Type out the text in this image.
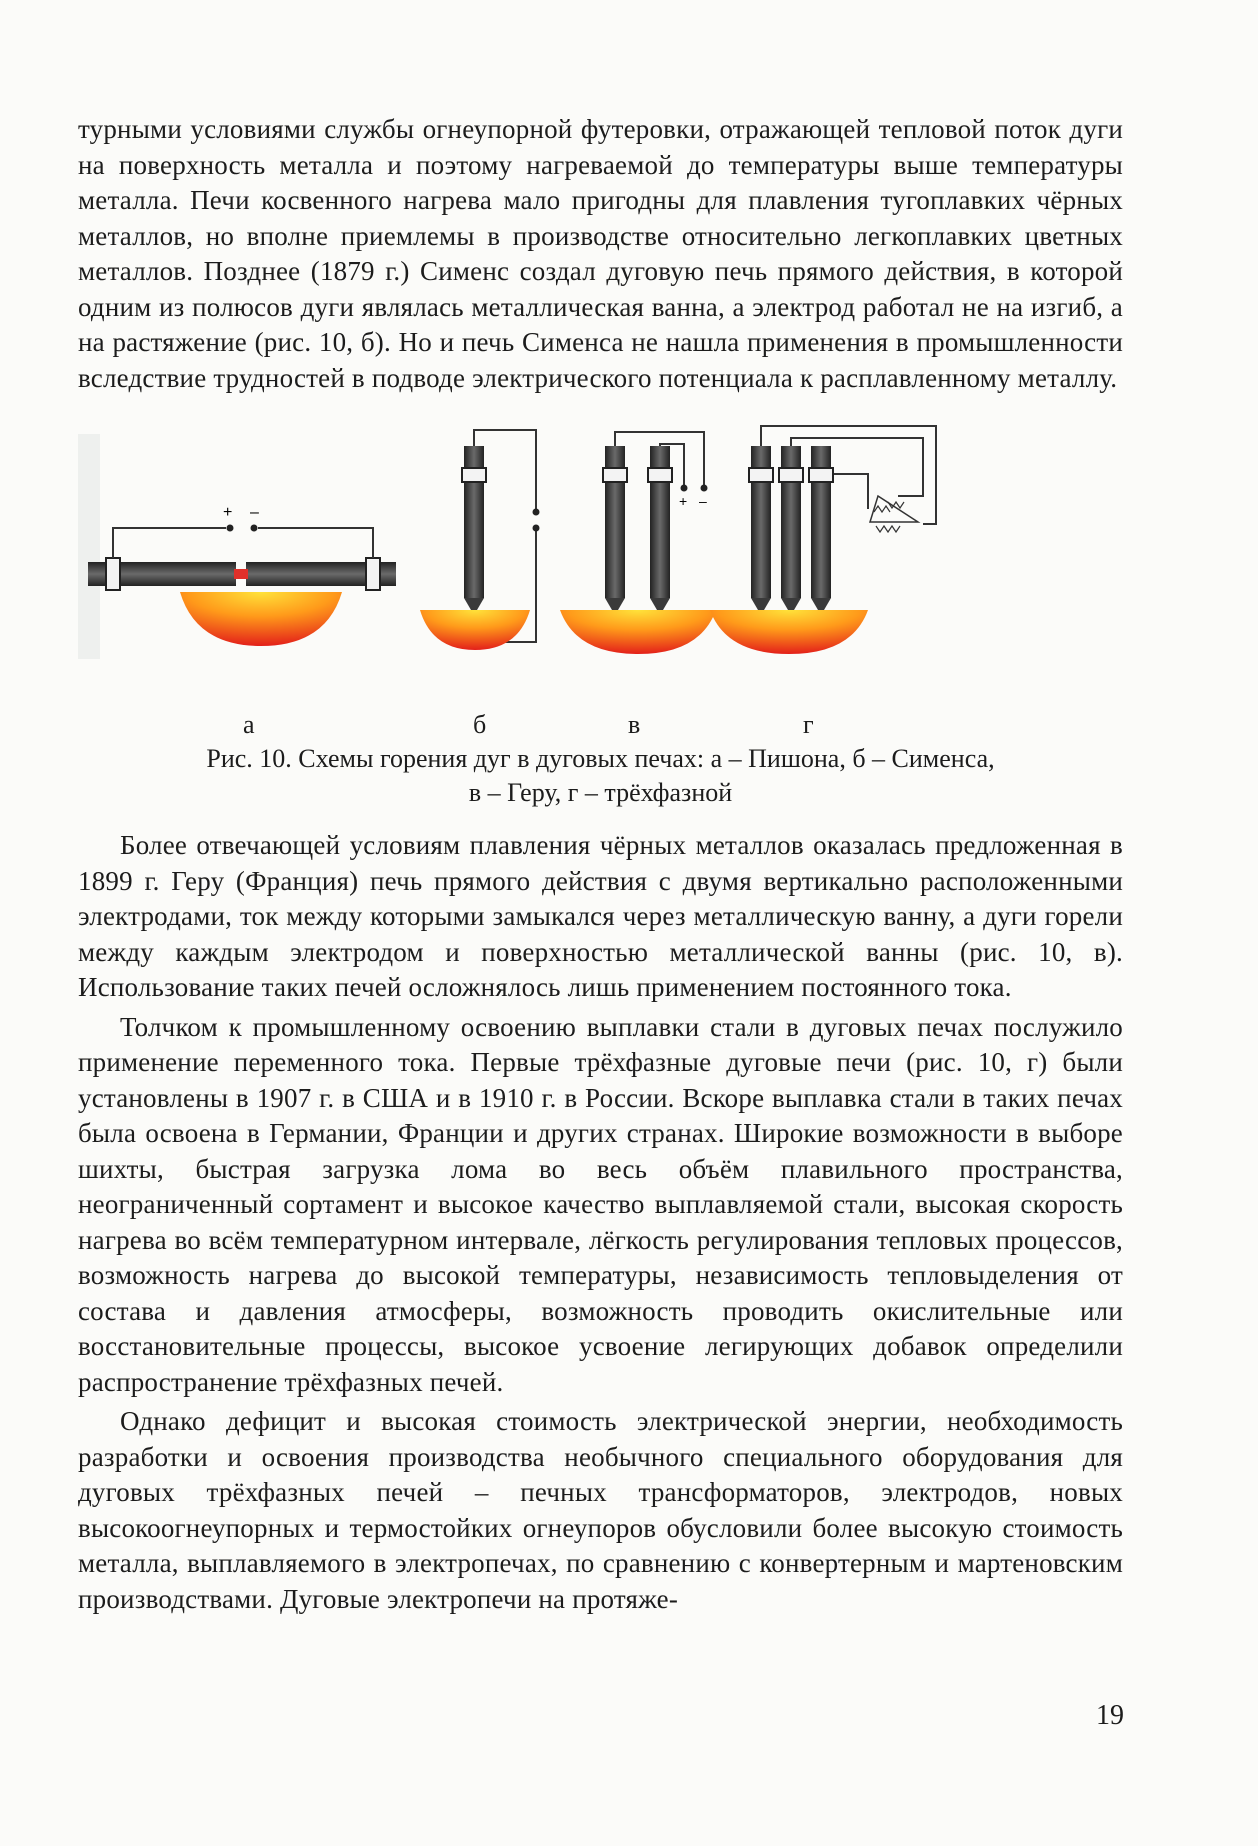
турными условиями службы огнеупорной футеровки, отражающей тепловой поток дуги на поверхность металла и поэтому нагреваемой до температуры выше температуры металла. Печи косвенного нагрева мало пригодны для плавления тугоплавких чёрных металлов, но вполне приемлемы в производстве относительно легкоплавких цветных металлов. Позднее (1879 г.) Сименс создал дуговую печь прямого действия, в которой одним из полюсов дуги являлась металлическая ванна, а электрод работал не на изгиб, а на растяжение (рис. 10, б). Но и печь Сименса не нашла применения в промышленности вследствие трудностей в подводе электрического потенциала к расплавленному металлу.

+ –
+ –
а	б	в	г
Рис. 10. Схемы горения дуг в дуговых печах: а – Пишона, б – Сименса,
в – Геру, г – трёхфазной

Более отвечающей условиям плавления чёрных металлов оказалась предложенная в 1899 г. Геру (Франция) печь прямого действия с двумя вертикально расположенными электродами, ток между которыми замыкался через металлическую ванну, а дуги горели между каждым электродом и поверхностью металлической ванны (рис. 10, в). Использование таких печей осложнялось лишь применением постоянного тока.

Толчком к промышленному освоению выплавки стали в дуговых печах послужило применение переменного тока. Первые трёхфазные дуговые печи (рис. 10, г) были установлены в 1907 г. в США и в 1910 г. в России. Вскоре выплавка стали в таких печах была освоена в Германии, Франции и других странах. Широкие возможности в выборе шихты, быстрая загрузка лома во весь объём плавильного пространства, неограниченный сортамент и высокое качество выплавляемой стали, высокая скорость нагрева во всём температурном интервале, лёгкость регулирования тепловых процессов, возможность нагрева до высокой температуры, независимость тепловыделения от состава и давления атмосферы, возможность проводить окислительные или восстановительные процессы, высокое усвоение легирующих добавок определили распространение трёхфазных печей.

Однако дефицит и высокая стоимость электрической энергии, необходимость разработки и освоения производства необычного специального оборудования для дуговых трёхфазных печей – печных трансформаторов, электродов, новых высокоогнеупорных и термостойких огнеупоров обусловили более высокую стоимость металла, выплавляемого в электропечах, по сравнению с конвертерным и мартеновским производствами. Дуговые электропечи на протяже-

19
